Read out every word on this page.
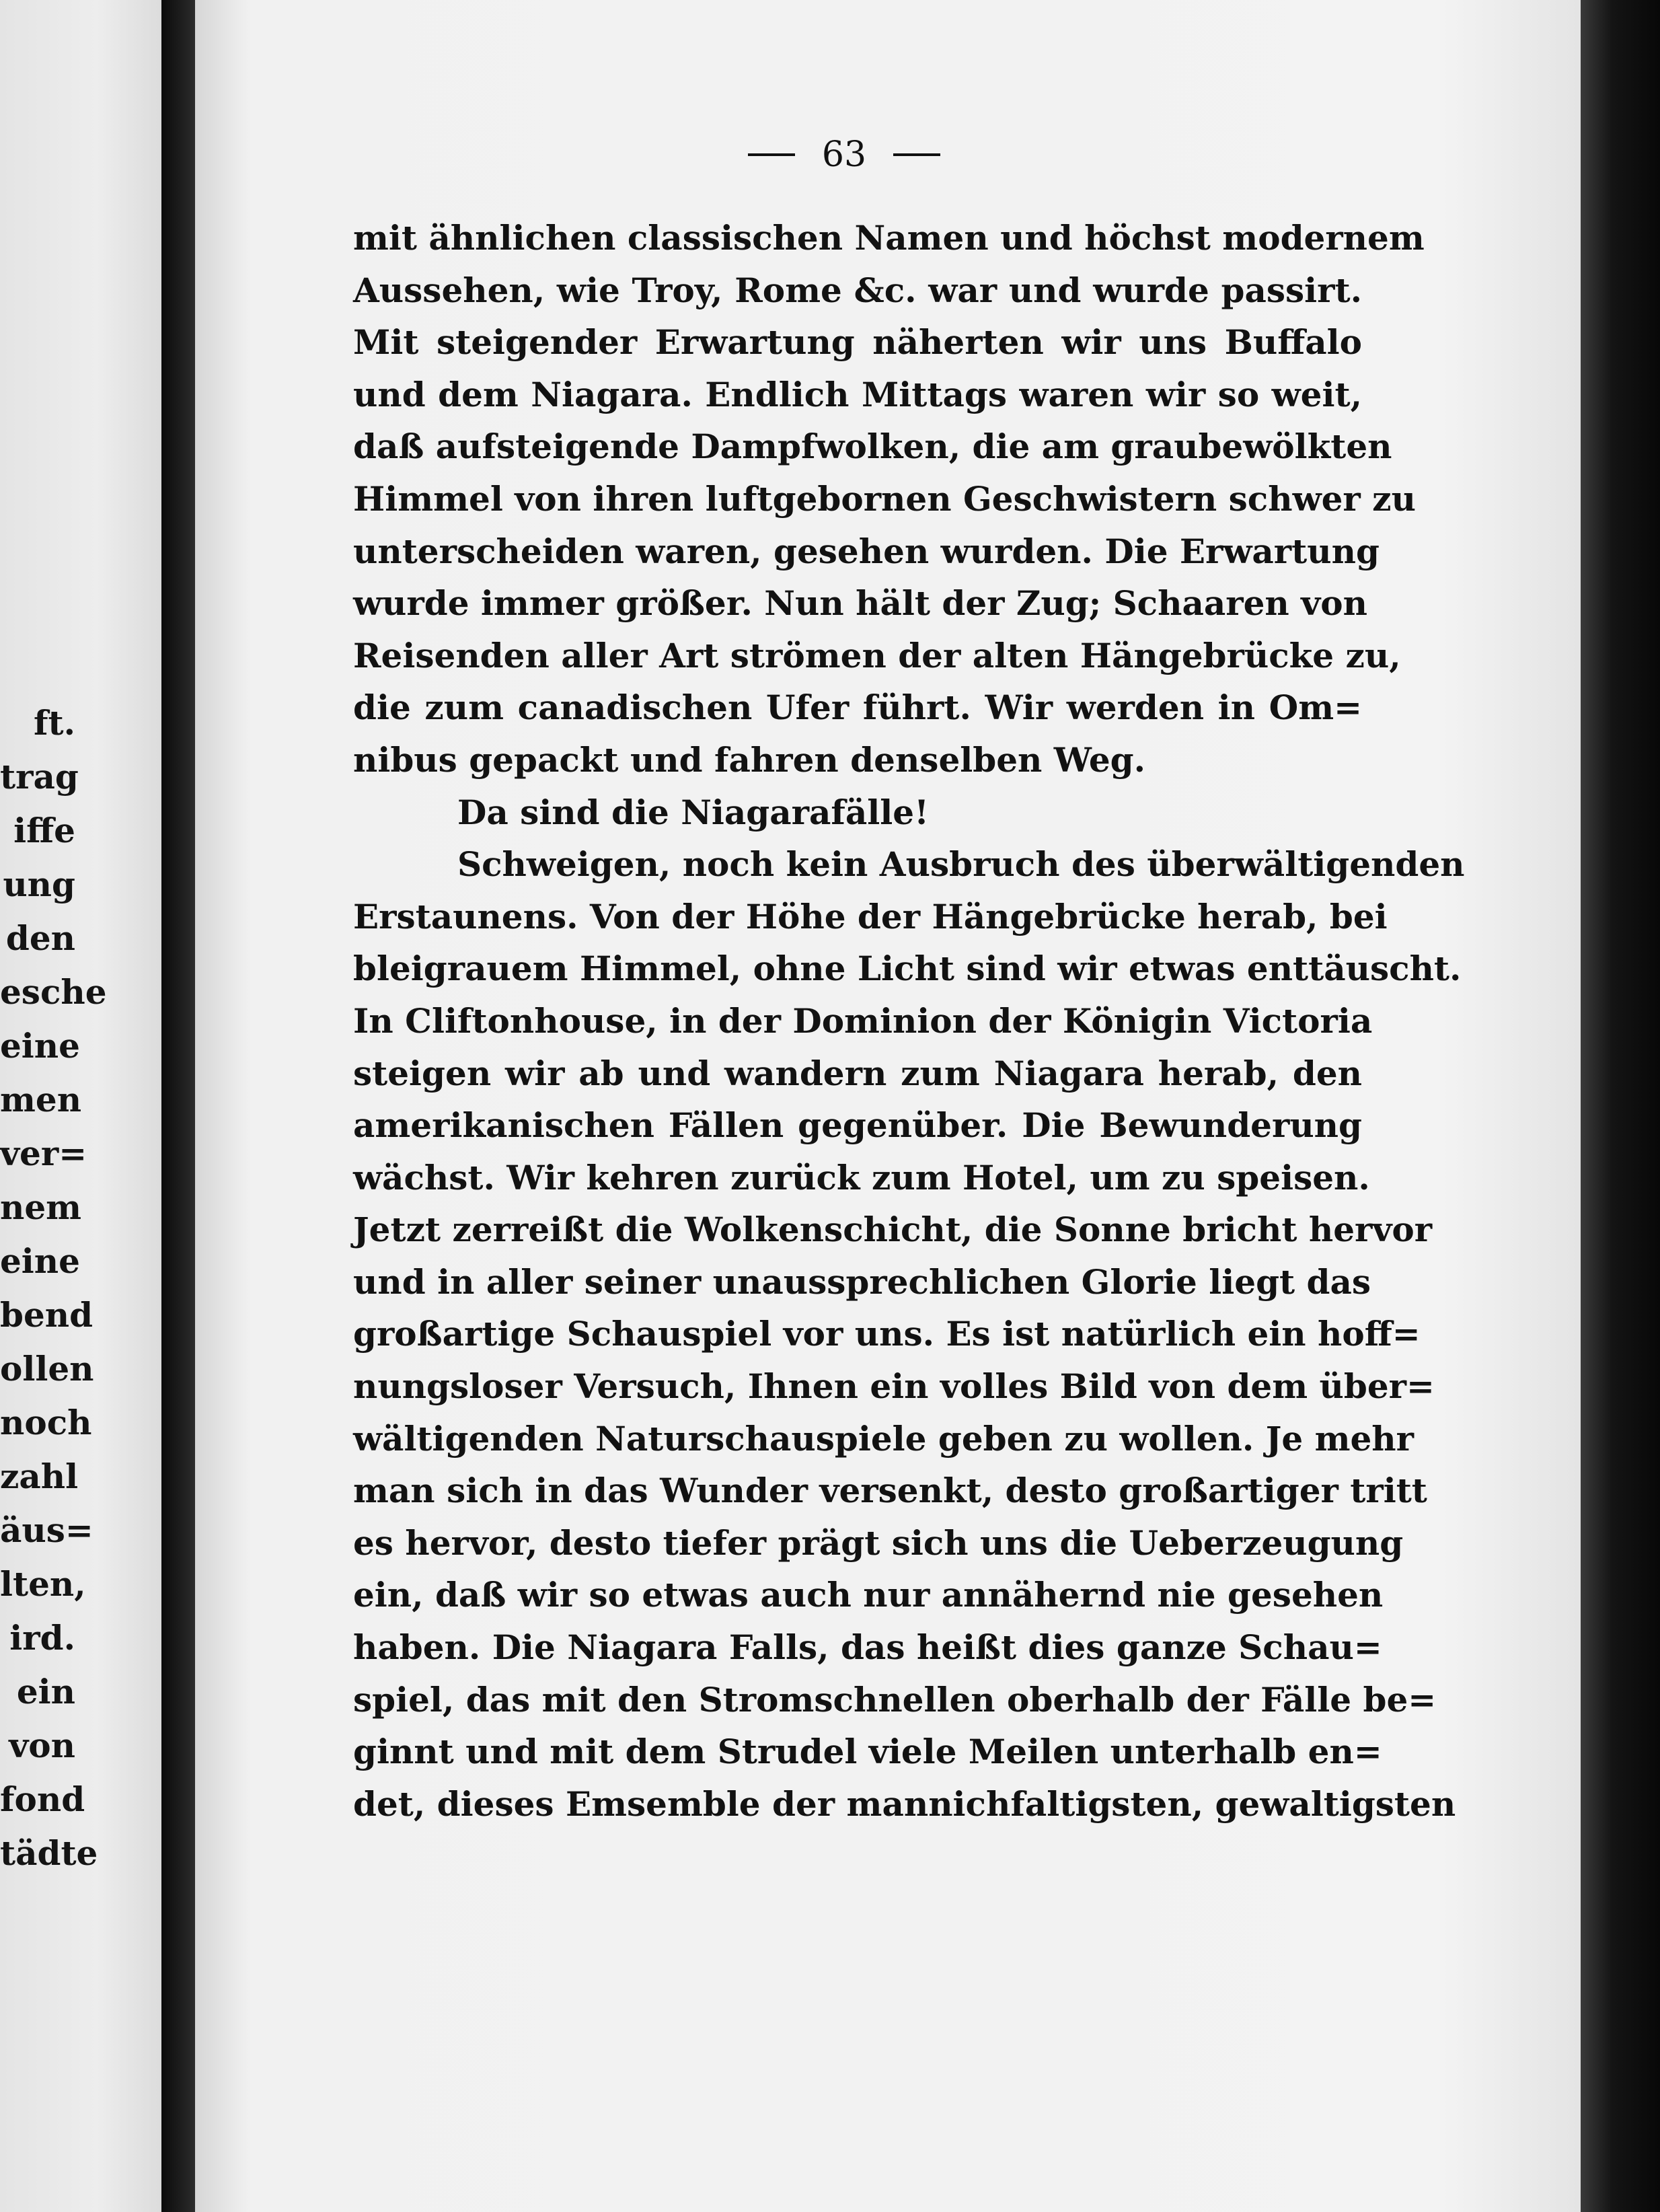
ft.
trag
iffe
ung
den
esche
eine
men
ver=
nem
eine
bend
ollen
noch
zahl
äus=
lten,
ird.
ein
von
fond
tädte
63
mit ähnlichen classischen Namen und höchst modernem
Aussehen, wie Troy, Rome &c. war und wurde passirt.
Mit steigender Erwartung näherten wir uns Buffalo
und dem Niagara. Endlich Mittags waren wir so weit,
daß aufsteigende Dampfwolken, die am graubewölkten
Himmel von ihren luftgebornen Geschwistern schwer zu
unterscheiden waren, gesehen wurden. Die Erwartung
wurde immer größer. Nun hält der Zug; Schaaren von
Reisenden aller Art strömen der alten Hängebrücke zu,
die zum canadischen Ufer führt. Wir werden in Om=
nibus gepackt und fahren denselben Weg.
Da sind die Niagarafälle!
Schweigen, noch kein Ausbruch des überwältigenden
Erstaunens. Von der Höhe der Hängebrücke herab, bei
bleigrauem Himmel, ohne Licht sind wir etwas enttäuscht.
In Cliftonhouse, in der Dominion der Königin Victoria
steigen wir ab und wandern zum Niagara herab, den
amerikanischen Fällen gegenüber. Die Bewunderung
wächst. Wir kehren zurück zum Hotel, um zu speisen.
Jetzt zerreißt die Wolkenschicht, die Sonne bricht hervor
und in aller seiner unaussprechlichen Glorie liegt das
großartige Schauspiel vor uns. Es ist natürlich ein hoff=
nungsloser Versuch, Ihnen ein volles Bild von dem über=
wältigenden Naturschauspiele geben zu wollen. Je mehr
man sich in das Wunder versenkt, desto großartiger tritt
es hervor, desto tiefer prägt sich uns die Ueberzeugung
ein, daß wir so etwas auch nur annähernd nie gesehen
haben. Die Niagara Falls, das heißt dies ganze Schau=
spiel, das mit den Stromschnellen oberhalb der Fälle be=
ginnt und mit dem Strudel viele Meilen unterhalb en=
det, dieses Emsemble der mannichfaltigsten, gewaltigsten
